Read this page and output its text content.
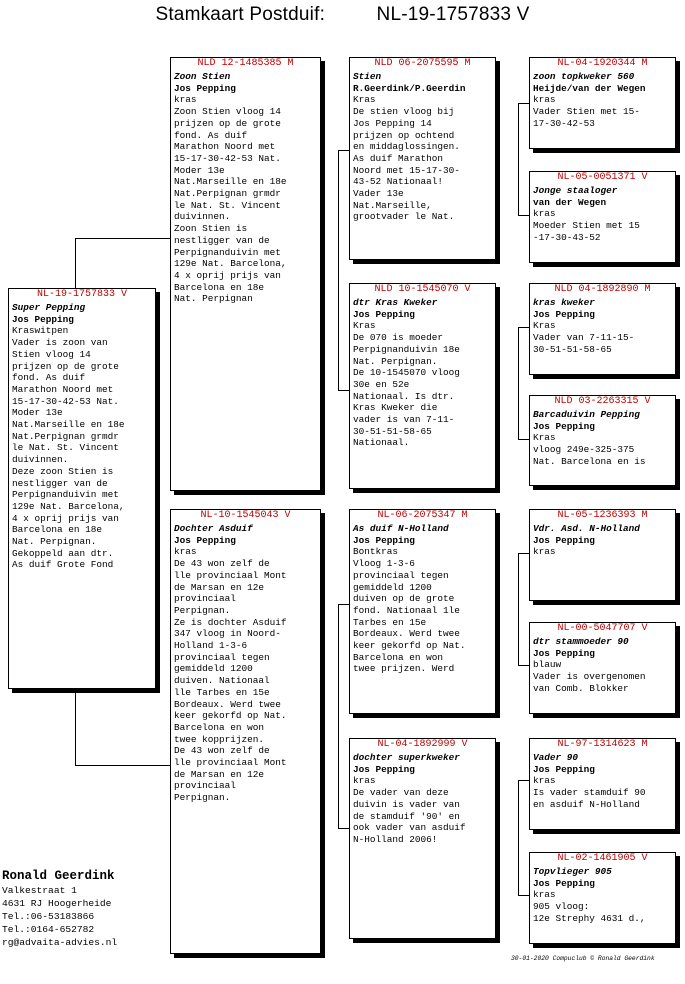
Stamkaart Postduif:	NL-19-1757833 V
NL-19-1757833 V
Super Pepping
Jos Pepping
Kraswitpen
Vader is zoon van
Stien vloog 14
prijzen op de grote
fond. As duif
Marathon Noord met
15-17-30-42-53 Nat.
Moder 13e
Nat.Marseille en 18e
Nat.Perpignan grmdr
le Nat. St. Vincent
duivinnen.
Deze zoon Stien is
nestligger van de
Perpignanduivin met
129e Nat. Barcelona,
4 x oprij prijs van
Barcelona en 18e
Nat. Perpignan.
Gekoppeld aan dtr.
As duif Grote Fond
NLD 12-1485385 M
Zoon Stien
Jos Pepping
kras
Zoon Stien vloog 14
prijzen op de grote
fond. As duif
Marathon Noord met
15-17-30-42-53 Nat.
Moder 13e
Nat.Marseille en 18e
Nat.Perpignan grmdr
le Nat. St. Vincent
duivinnen.
Zoon Stien is
nestligger van de
Perpignanduivin met
129e Nat. Barcelona,
4 x oprij prijs van
Barcelona en 18e
Nat. Perpignan
NL-10-1545043 V
Dochter Asduif
Jos Pepping
kras
De 43 won zelf de
lle provinciaal Mont
de Marsan en 12e
provinciaal
Perpignan.
Ze is dochter Asduif
347 vloog in Noord-
Holland 1-3-6
provinciaal tegen
gemiddeld 1200
duiven. Nationaal
lle Tarbes en 15e
Bordeaux. Werd twee
keer gekorfd op Nat.
Barcelona en won
twee kopprijzen.
De 43 won zelf de
lle provinciaal Mont
de Marsan en 12e
provinciaal
Perpignan.
NLD 06-2075595 M
Stien
R.Geerdink/P.Geerdin
Kras
De stien vloog bij
Jos Pepping 14
prijzen op ochtend
en middaglossingen.
As duif Marathon
Noord met 15-17-30-
43-52 Nationaal!
Vader 13e
Nat.Marseille,
grootvader le Nat.
NLD 10-1545070 V
dtr Kras Kweker
Jos Pepping
Kras
De 070 is moeder
Perpignanduivin 18e
Nat. Perpignan.
De 10-1545070 vloog
30e en 52e
Nationaal. Is dtr.
Kras Kweker die
vader is van 7-11-
30-51-51-58-65
Nationaal.
NL-06-2075347 M
As duif N-Holland
Jos Pepping
Bontkras
Vloog 1-3-6
provinciaal tegen
gemiddeld 1200
duiven op de grote
fond. Nationaal 1le
Tarbes en 15e
Bordeaux. Werd twee
keer gekorfd op Nat.
Barcelona en won
twee prijzen. Werd
NL-04-1892999 V
dochter superkweker
Jos Pepping
kras
De vader van deze
duivin is vader van
de stamduif '90' en
ook vader van asduif
N-Holland 2006!
NL-04-1920344 M
zoon topkweker 560
Heijde/van der Wegen
kras
Vader Stien met 15-
17-30-42-53
NL-05-0051371 V
Jonge staaloger
van der Wegen
kras
Moeder Stien met 15
-17-30-43-52
NLD 04-1892890 M
kras kweker
Jos Pepping
Kras
Vader van 7-11-15-
30-51-51-58-65
NLD 03-2263315 V
Barcaduivin Pepping
Jos Pepping
Kras
vloog 249e-325-375
Nat. Barcelona en is
NL-05-1236393 M
Vdr. Asd. N-Holland
Jos Pepping
kras
NL-00-5047707 V
dtr stammoeder 90
Jos Pepping
blauw
Vader is overgenomen
van Comb. Blokker
NL-97-1314623 M
Vader 90
Jos Pepping
kras
Is vader stamduif 90
en asduif N-Holland
NL-02-1461905 V
Topvlieger 905
Jos Pepping
kras
905 vloog:
12e Strephy 4631 d.,
Ronald Geerdink
Valkestraat 1
4631 RJ Hoogerheide
Tel.:06-53183866
Tel.:0164-652782
rg@advaita-advies.nl
30-01-2020 Compuclub © Ronald Geerdink
